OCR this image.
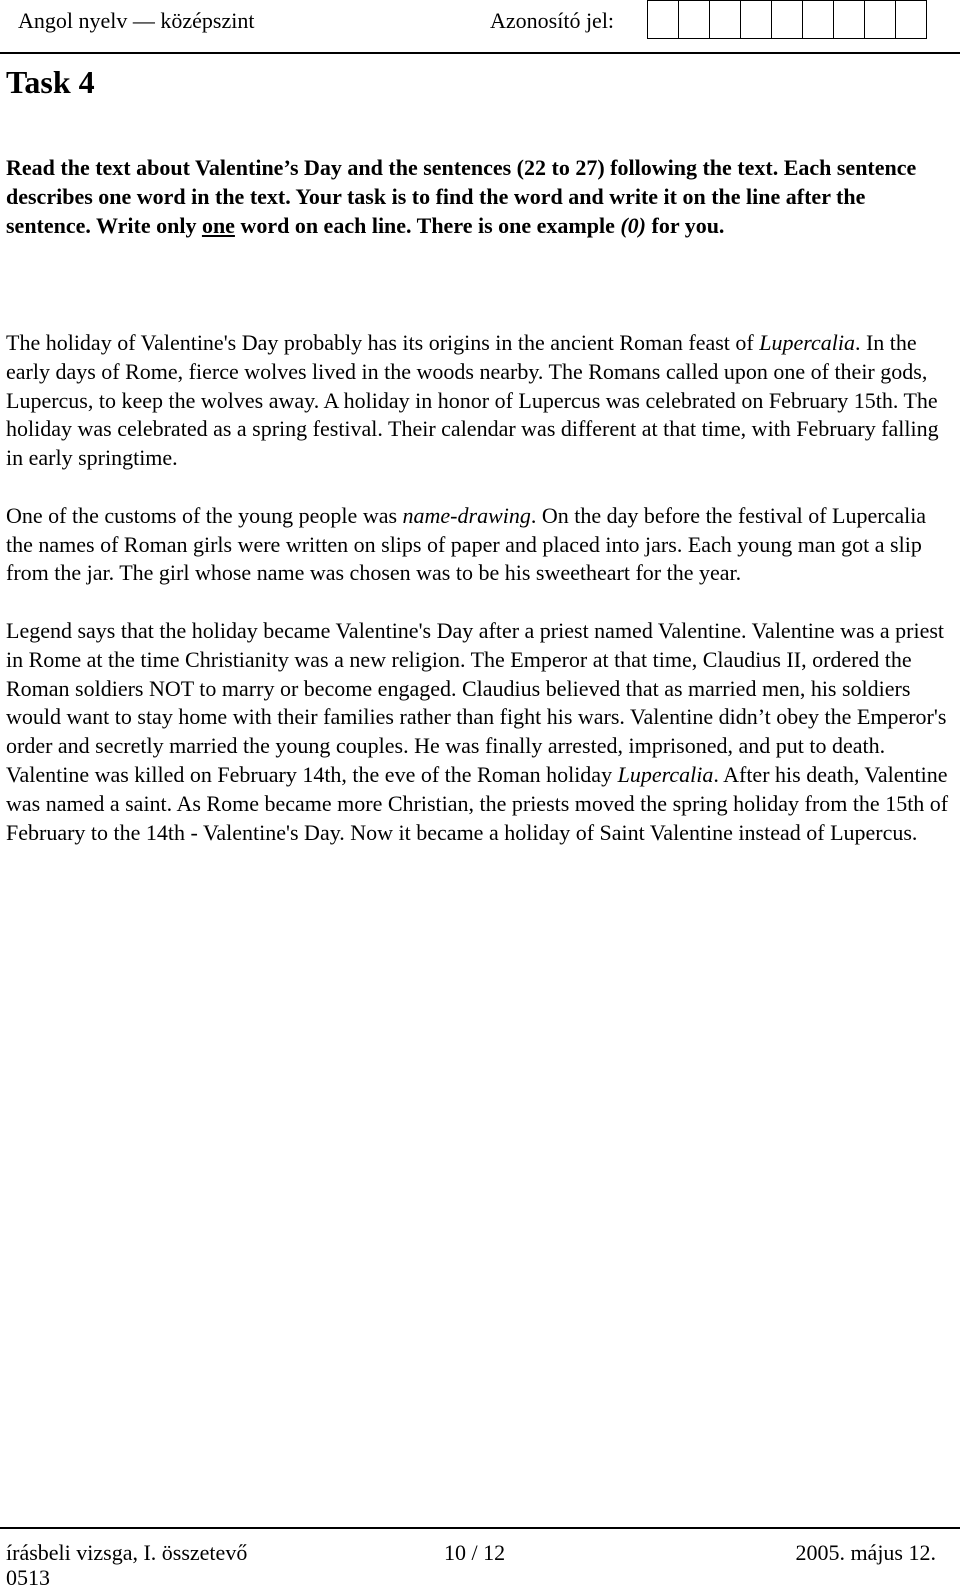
Angol nyelv — középszint	Azonosító jel:
Task 4
Read the text about Valentine’s Day and the sentences (22 to 27) following the text. Each sentence describes one word in the text. Your task is to find the word and write it on the line after the sentence. Write only one word on each line. There is one example (0) for you.

The holiday of Valentine's Day probably has its origins in the ancient Roman feast of Lupercalia. In the early days of Rome, fierce wolves lived in the woods nearby. The Romans called upon one of their gods, Lupercus, to keep the wolves away. A holiday in honor of Lupercus was celebrated on February 15th. The holiday was celebrated as a spring festival. Their calendar was different at that time, with February falling in early springtime.

One of the customs of the young people was name-drawing. On the day before the festival of Lupercalia the names of Roman girls were written on slips of paper and placed into jars. Each young man got a slip from the jar. The girl whose name was chosen was to be his sweetheart for the year.

Legend says that the holiday became Valentine's Day after a priest named Valentine. Valentine was a priest in Rome at the time Christianity was a new religion. The Emperor at that time, Claudius II, ordered the Roman soldiers NOT to marry or become engaged. Claudius believed that as married men, his soldiers would want to stay home with their families rather than fight his wars. Valentine didn’t obey the Emperor's order and secretly married the young couples. He was finally arrested, imprisoned, and put to death. Valentine was killed on February 14th, the eve of the Roman holiday Lupercalia. After his death, Valentine was named a saint. As Rome became more Christian, the priests moved the spring holiday from the 15th of February to the 14th - Valentine's Day. Now it became a holiday of Saint Valentine instead of Lupercus.

írásbeli vizsga, I. összetevő	10 / 12	2005. május 12.
0513
